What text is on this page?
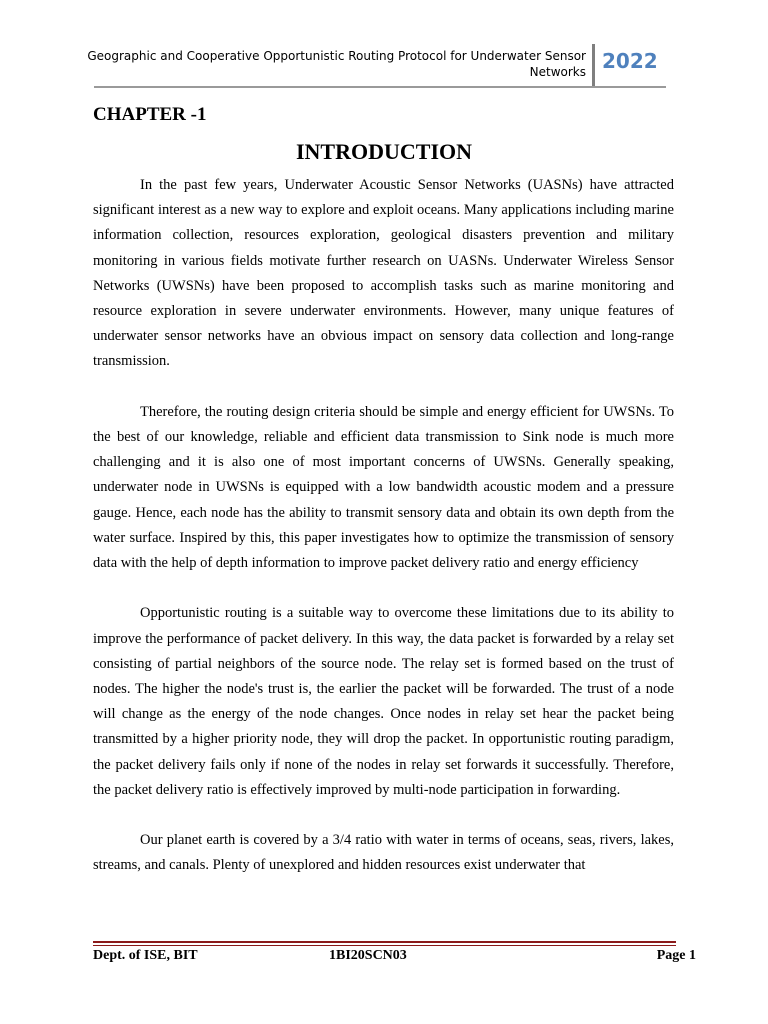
Geographic and Cooperative Opportunistic Routing Protocol for Underwater Sensor Networks 2022
CHAPTER -1
INTRODUCTION

In the past few years, Underwater Acoustic Sensor Networks (UASNs) have attracted significant interest as a new way to explore and exploit oceans. Many applications including marine information collection, resources exploration, geological disasters prevention and military monitoring in various fields motivate further research on UASNs. Underwater Wireless Sensor Networks (UWSNs) have been proposed to accomplish tasks such as marine monitoring and resource exploration in severe underwater environments. However, many unique features of underwater sensor networks have an obvious impact on sensory data collection and long-range transmission.

Therefore, the routing design criteria should be simple and energy efficient for UWSNs. To the best of our knowledge, reliable and efficient data transmission to Sink node is much more challenging and it is also one of most important concerns of UWSNs. Generally speaking, underwater node in UWSNs is equipped with a low bandwidth acoustic modem and a pressure gauge. Hence, each node has the ability to transmit sensory data and obtain its own depth from the water surface. Inspired by this, this paper investigates how to optimize the transmission of sensory data with the help of depth information to improve packet delivery ratio and energy efficiency

Opportunistic routing is a suitable way to overcome these limitations due to its ability to improve the performance of packet delivery. In this way, the data packet is forwarded by a relay set consisting of partial neighbors of the source node. The relay set is formed based on the trust of nodes. The higher the node's trust is, the earlier the packet will be forwarded. The trust of a node will change as the energy of the node changes. Once nodes in relay set hear the packet being transmitted by a higher priority node, they will drop the packet. In opportunistic routing paradigm, the packet delivery fails only if none of the nodes in relay set forwards it successfully. Therefore, the packet delivery ratio is effectively improved by multi-node participation in forwarding.

Our planet earth is covered by a 3/4 ratio with water in terms of oceans, seas, rivers, lakes, streams, and canals. Plenty of unexplored and hidden resources exist underwater that

Dept. of ISE, BIT	1BI20SCN03	Page 1
